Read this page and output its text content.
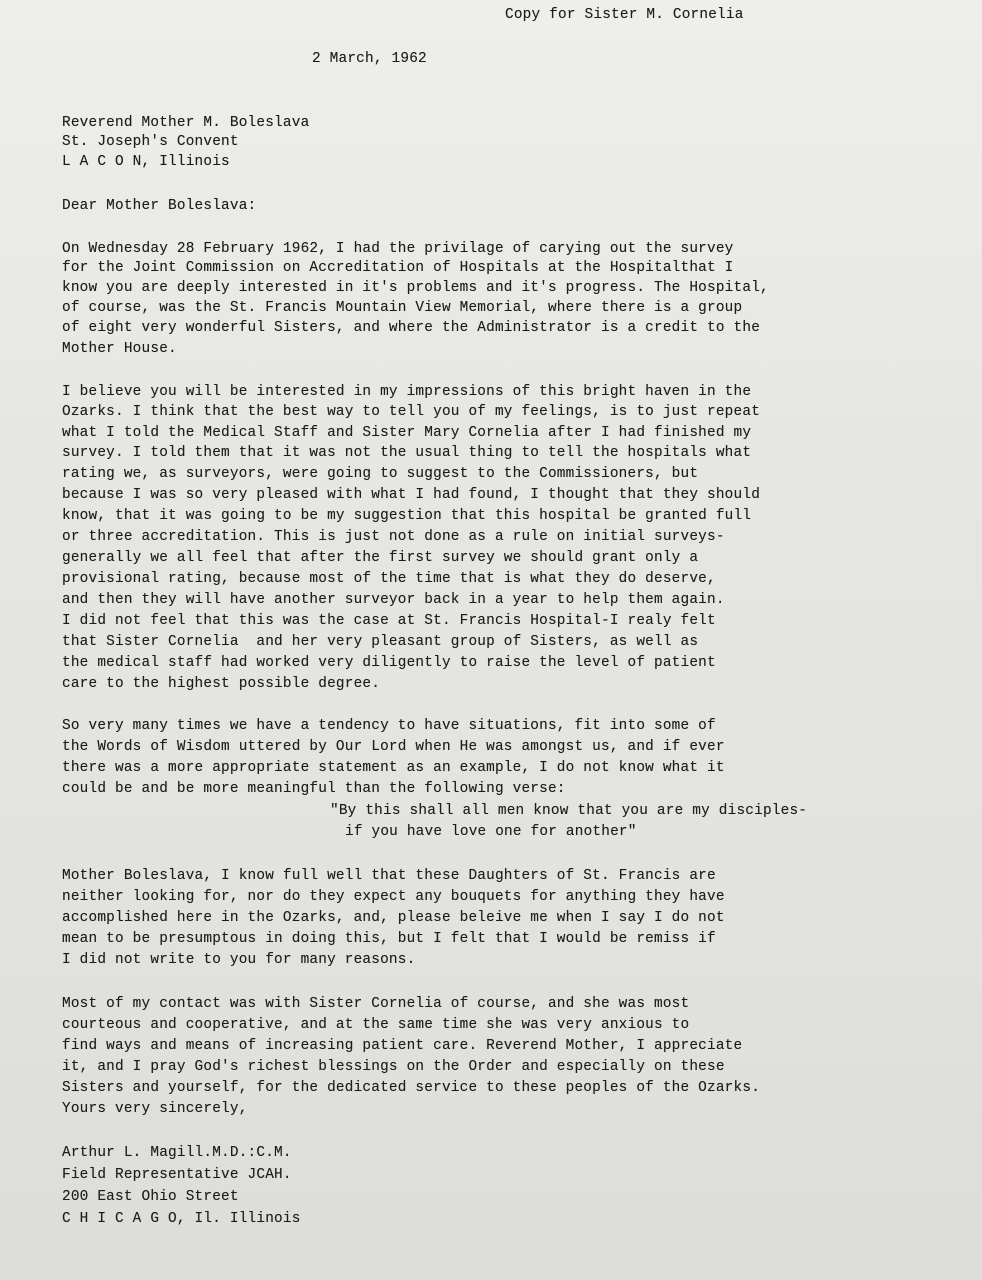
Copy for Sister M. Cornelia
2 March, 1962
Reverend Mother M. Boleslava
St. Joseph's Convent
L A C O N, Illinois
Dear Mother Boleslava:
On Wednesday 28 February 1962, I had the privilage of carying out the survey
for the Joint Commission on Accreditation of Hospitals at the Hospitalthat I
know you are deeply interested in it's problems and it's progress. The Hospital,
of course, was the St. Francis Mountain View Memorial, where there is a group
of eight very wonderful Sisters, and where the Administrator is a credit to the
Mother House.
I believe you will be interested in my impressions of this bright haven in the
Ozarks. I think that the best way to tell you of my feelings, is to just repeat
what I told the Medical Staff and Sister Mary Cornelia after I had finished my
survey. I told them that it was not the usual thing to tell the hospitals what
rating we, as surveyors, were going to suggest to the Commissioners, but
because I was so very pleased with what I had found, I thought that they should
know, that it was going to be my suggestion that this hospital be granted full
or three accreditation. This is just not done as a rule on initial surveys-
generally we all feel that after the first survey we should grant only a
provisional rating, because most of the time that is what they do deserve,
and then they will have another surveyor back in a year to help them again.
I did not feel that this was the case at St. Francis Hospital-I realy felt
that Sister Cornelia  and her very pleasant group of Sisters, as well as
the medical staff had worked very diligently to raise the level of patient
care to the highest possible degree.
So very many times we have a tendency to have situations, fit into some of
the Words of Wisdom uttered by Our Lord when He was amongst us, and if ever
there was a more appropriate statement as an example, I do not know what it
could be and be more meaningful than the following verse:
"By this shall all men know that you are my disciples-
if you have love one for another"
Mother Boleslava, I know full well that these Daughters of St. Francis are
neither looking for, nor do they expect any bouquets for anything they have
accomplished here in the Ozarks, and, please beleive me when I say I do not
mean to be presumptous in doing this, but I felt that I would be remiss if
I did not write to you for many reasons.
Most of my contact was with Sister Cornelia of course, and she was most
courteous and cooperative, and at the same time she was very anxious to
find ways and means of increasing patient care. Reverend Mother, I appreciate
it, and I pray God's richest blessings on the Order and especially on these
Sisters and yourself, for the dedicated service to these peoples of the Ozarks.
Yours very sincerely,
Arthur L. Magill.M.D.:C.M.
Field Representative JCAH.
200 East Ohio Street
C H I C A G O, Il. Illinois
